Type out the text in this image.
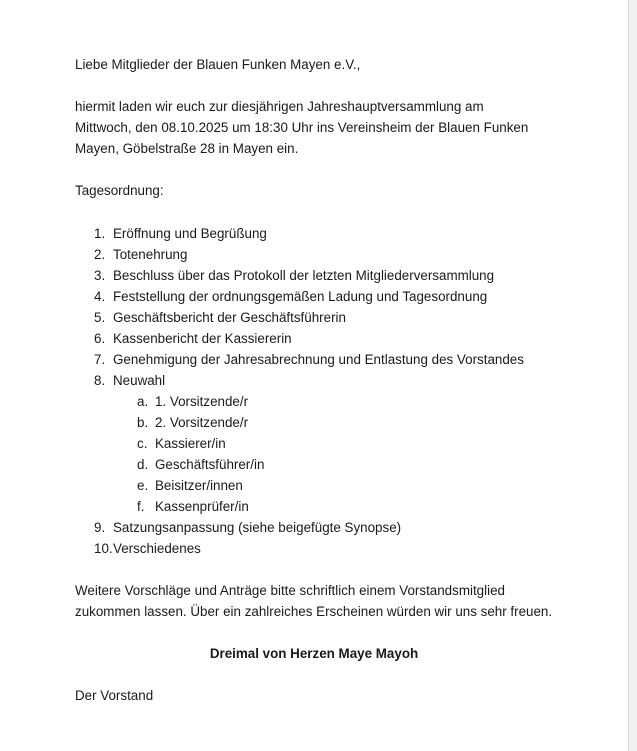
Liebe Mitglieder der Blauen Funken Mayen e.V.,
hiermit laden wir euch zur diesjährigen Jahreshauptversammlung am
Mittwoch, den 08.10.2025 um 18:30 Uhr ins Vereinsheim der Blauen Funken
Mayen, Göbelstraße 28 in Mayen ein.
Tagesordnung:
1. Eröffnung und Begrüßung
2. Totenehrung
3. Beschluss über das Protokoll der letzten Mitgliederversammlung
4. Feststellung der ordnungsgemäßen Ladung und Tagesordnung
5. Geschäftsbericht der Geschäftsführerin
6. Kassenbericht der Kassiererin
7. Genehmigung der Jahresabrechnung und Entlastung des Vorstandes
8. Neuwahl
a. 1. Vorsitzende/r
b. 2. Vorsitzende/r
c. Kassierer/in
d. Geschäftsführer/in
e. Beisitzer/innen
f. Kassenprüfer/in
9. Satzungsanpassung (siehe beigefügte Synopse)
10. Verschiedenes
Weitere Vorschläge und Anträge bitte schriftlich einem Vorstandsmitglied
zukommen lassen. Über ein zahlreiches Erscheinen würden wir uns sehr freuen.
Dreimal von Herzen Maye Mayoh
Der Vorstand
